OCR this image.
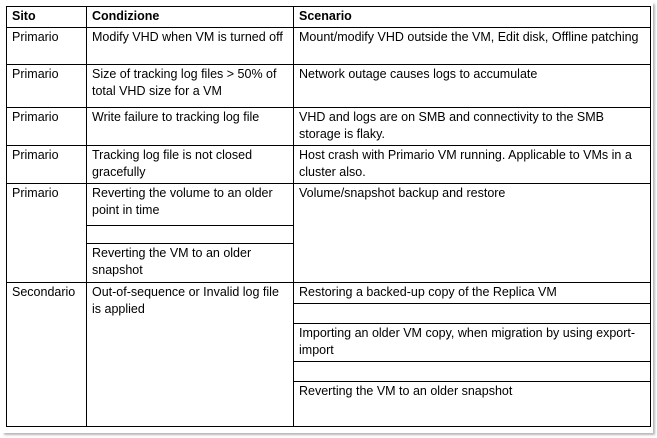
Sito	Condizione	Scenario
Primario	Modify VHD when VM is turned off	Mount/modify VHD outside the VM, Edit disk, Offline patching
Primario	Size of tracking log files > 50% of total VHD size for a VM	Network outage causes logs to accumulate
Primario	Write failure to tracking log file	VHD and logs are on SMB and connectivity to the SMB storage is flaky.
Primario	Tracking log file is not closed gracefully	Host crash with Primario VM running. Applicable to VMs in a cluster also.
Primario	Reverting the volume to an older point in time	Volume/snapshot backup and restore

	Reverting the VM to an older snapshot	
Secondario	Out-of-sequence or Invalid log file is applied	Restoring a backed-up copy of the Replica VM

		Importing an older VM copy, when migration by using export-import

		Reverting the VM to an older snapshot
